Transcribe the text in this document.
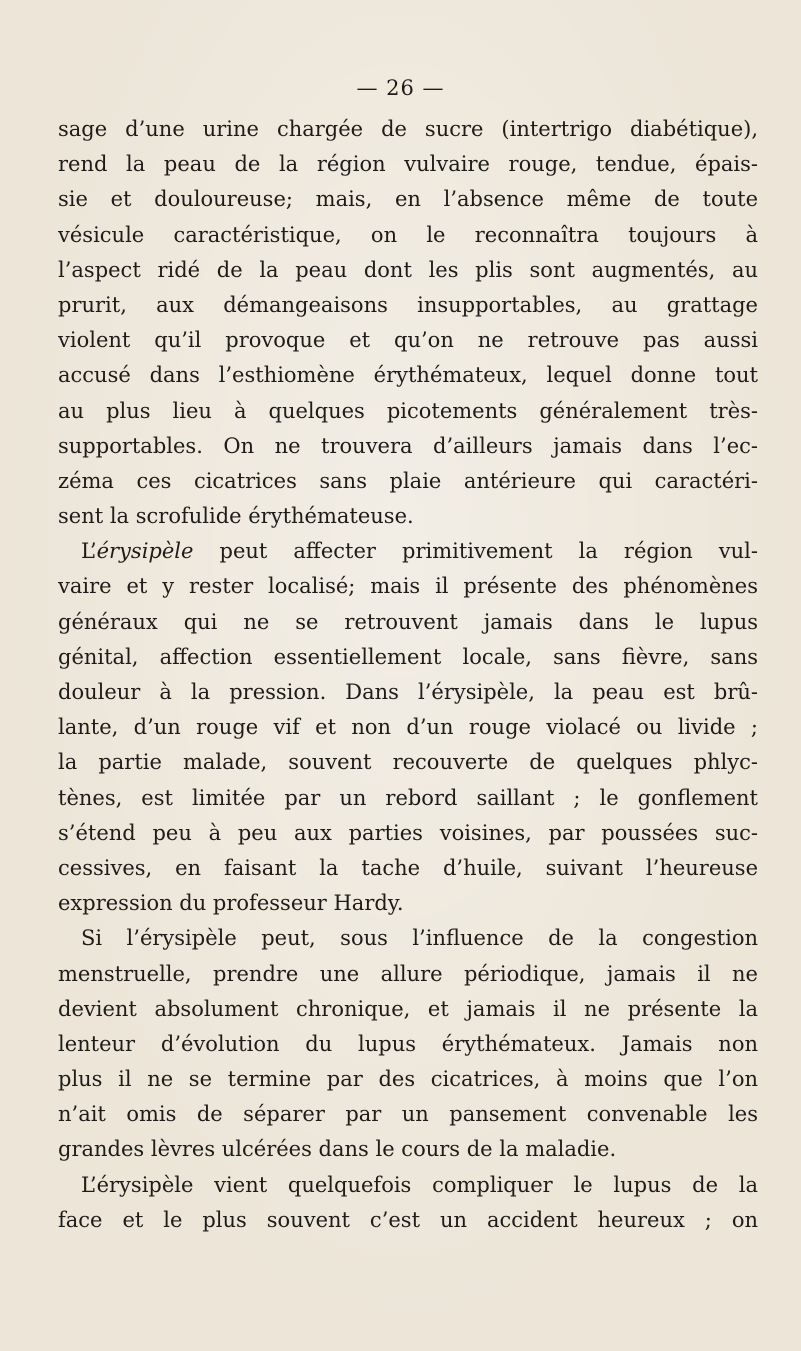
— 26 —
sage d’une urine chargée de sucre (intertrigo diabétique),
rend la peau de la région vulvaire rouge, tendue, épais-
sie et douloureuse; mais, en l’absence même de toute
vésicule caractéristique, on le reconnaîtra toujours à
l’aspect ridé de la peau dont les plis sont augmentés, au
prurit, aux démangeaisons insupportables, au grattage
violent qu’il provoque et qu’on ne retrouve pas aussi
accusé dans l’esthiomène érythémateux, lequel donne tout
au plus lieu à quelques picotements généralement très-
supportables. On ne trouvera d’ailleurs jamais dans l’ec-
zéma ces cicatrices sans plaie antérieure qui caractéri-
sent la scrofulide érythémateuse.
L’érysipèle peut affecter primitivement la région vul-
vaire et y rester localisé; mais il présente des phénomènes
généraux qui ne se retrouvent jamais dans le lupus
génital, affection essentiellement locale, sans fièvre, sans
douleur à la pression. Dans l’érysipèle, la peau est brû-
lante, d’un rouge vif et non d’un rouge violacé ou livide ;
la partie malade, souvent recouverte de quelques phlyc-
tènes, est limitée par un rebord saillant ; le gonflement
s’étend peu à peu aux parties voisines, par poussées suc-
cessives, en faisant la tache d’huile, suivant l’heureuse
expression du professeur Hardy.
Si l’érysipèle peut, sous l’influence de la congestion
menstruelle, prendre une allure périodique, jamais il ne
devient absolument chronique, et jamais il ne présente la
lenteur d’évolution du lupus érythémateux. Jamais non
plus il ne se termine par des cicatrices, à moins que l’on
n’ait omis de séparer par un pansement convenable les
grandes lèvres ulcérées dans le cours de la maladie.
L’érysipèle vient quelquefois compliquer le lupus de la
face et le plus souvent c’est un accident heureux ; on
